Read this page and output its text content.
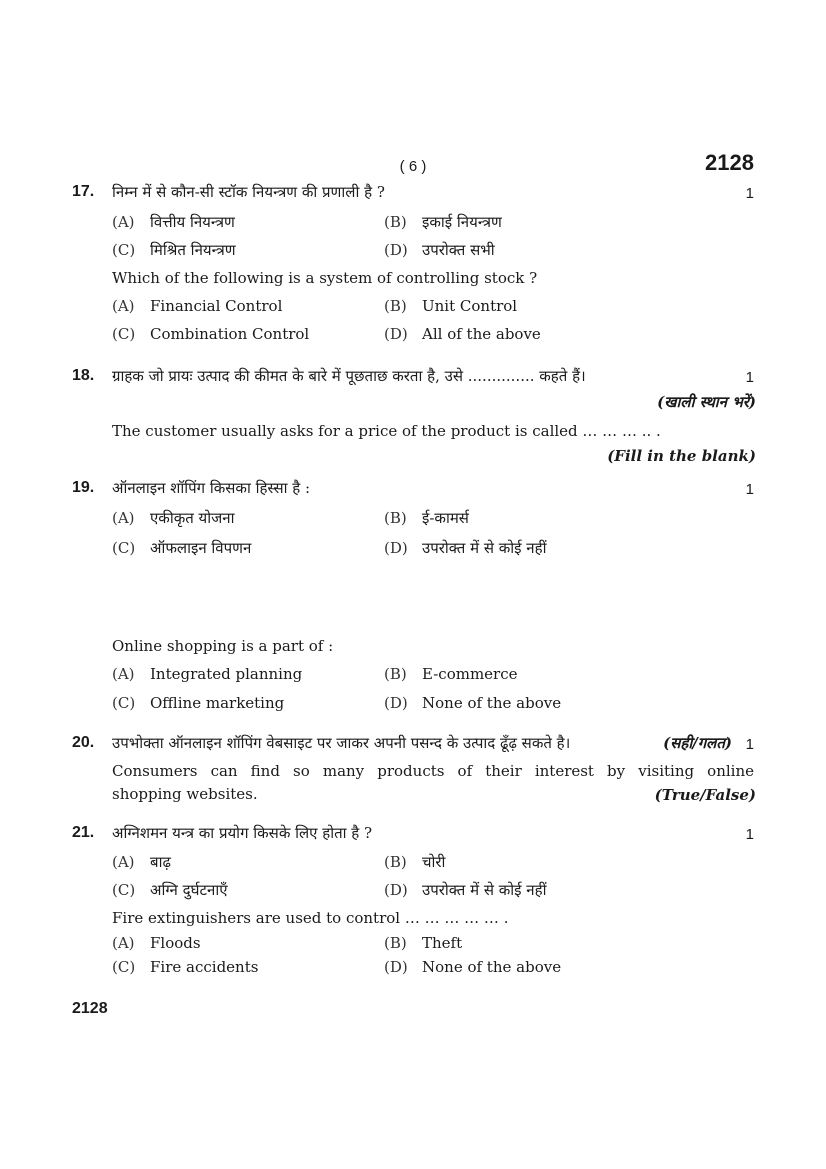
( 6 )	2128
17. निम्न में से कौन-सी स्टॉक नियन्त्रण की प्रणाली है ?	1
(A) वित्तीय नियन्त्रण	(B) इकाई नियन्त्रण
(C) मिश्रित नियन्त्रण	(D) उपरोक्त सभी
Which of the following is a system of controlling stock ?
(A) Financial Control	(B) Unit Control
(C) Combination Control	(D) All of the above
18. ग्राहक जो प्रायः उत्पाद की कीमत के बारे में पूछताछ करता है, उसे .............. कहते हैं।	1
(खाली स्थान भरें)
The customer usually asks for a price of the product is called … … … .. .
(Fill in the blank)
19. ऑनलाइन शॉपिंग किसका हिस्सा है :	1
(A) एकीकृत योजना	(B) ई-कामर्स
(C) ऑफलाइन विपणन	(D) उपरोक्त में से कोई नहीं
Online shopping is a part of :
(A) Integrated planning	(B) E-commerce
(C) Offline marketing	(D) None of the above
20. उपभोक्ता ऑनलाइन शॉपिंग वेबसाइट पर जाकर अपनी पसन्द के उत्पाद ढूँढ़ सकते है।	(सही/गलत) 1
Consumers can find so many products of their interest by visiting online
shopping websites.	(True/False)
21. अग्निशमन यन्त्र का प्रयोग किसके लिए होता है ?	1
(A) बाढ़	(B) चोरी
(C) अग्नि दुर्घटनाएँ	(D) उपरोक्त में से कोई नहीं
Fire extinguishers are used to control … … … … … .
(A) Floods	(B) Theft
(C) Fire accidents	(D) None of the above
2128
